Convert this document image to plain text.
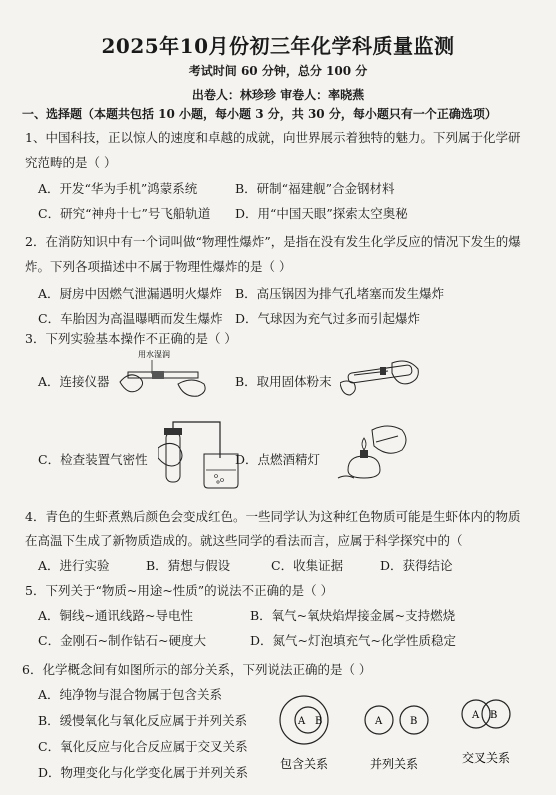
2025年10月份初三年化学科质量监测
考试时间 60 分钟，总分 100 分
出卷人：林珍珍 审卷人：率晓燕
一、选择题（本题共包括 10 小题，每小题 3 分，共 30 分，每小题只有一个正确选项）
1、中国科技，正以惊人的速度和卓越的成就，向世界展示着独特的魅力。下列属于化学研
究范畴的是（ ）
A．开发“华为手机”鸿蒙系统	B．研制“福建舰”合金钢材料
C．研究“神舟十七”号飞船轨道 D．用“中国天眼”探索太空奥秘
2．在消防知识中有一个词叫做“物理性爆炸”，是指在没有发生化学反应的情况下发生的爆
炸。下列各项描述中不属于物理性爆炸的是（ ）
A．厨房中因燃气泄漏遇明火爆炸 B．高压锅因为排气孔堵塞而发生爆炸
C．车胎因为高温曝晒而发生爆炸 D．气球因为充气过多而引起爆炸
3．下列实验基本操作不正确的是（ ）
A．连接仪器	B．取用固体粉末
C．检查装置气密性	D．点燃酒精灯
用水湿润
4．青色的生虾煮熟后颜色会变成红色。一些同学认为这种红色物质可能是生虾体内的物质
在高温下生成了新物质造成的。就这些同学的看法而言，应属于科学探究中的（
A．进行实验	B．猜想与假设	C．收集证据	D．获得结论
5．下列关于“物质~用途~性质”的说法不正确的是（ ）
A．铜线~通讯线路~导电性	B．氧气~氧炔焰焊接金属~支持燃烧
C．金刚石~制作钻石~硬度大	D．氮气~灯泡填充气~化学性质稳定
6．化学概念间有如图所示的部分关系，下列说法正确的是（ ）
A．纯净物与混合物属于包含关系
B．缓慢氧化与氧化反应属于并列关系
C．氧化反应与化合反应属于交叉关系
D．物理变化与化学变化属于并列关系
A B
包含关系
A	B
并列关系
A B
交叉关系
